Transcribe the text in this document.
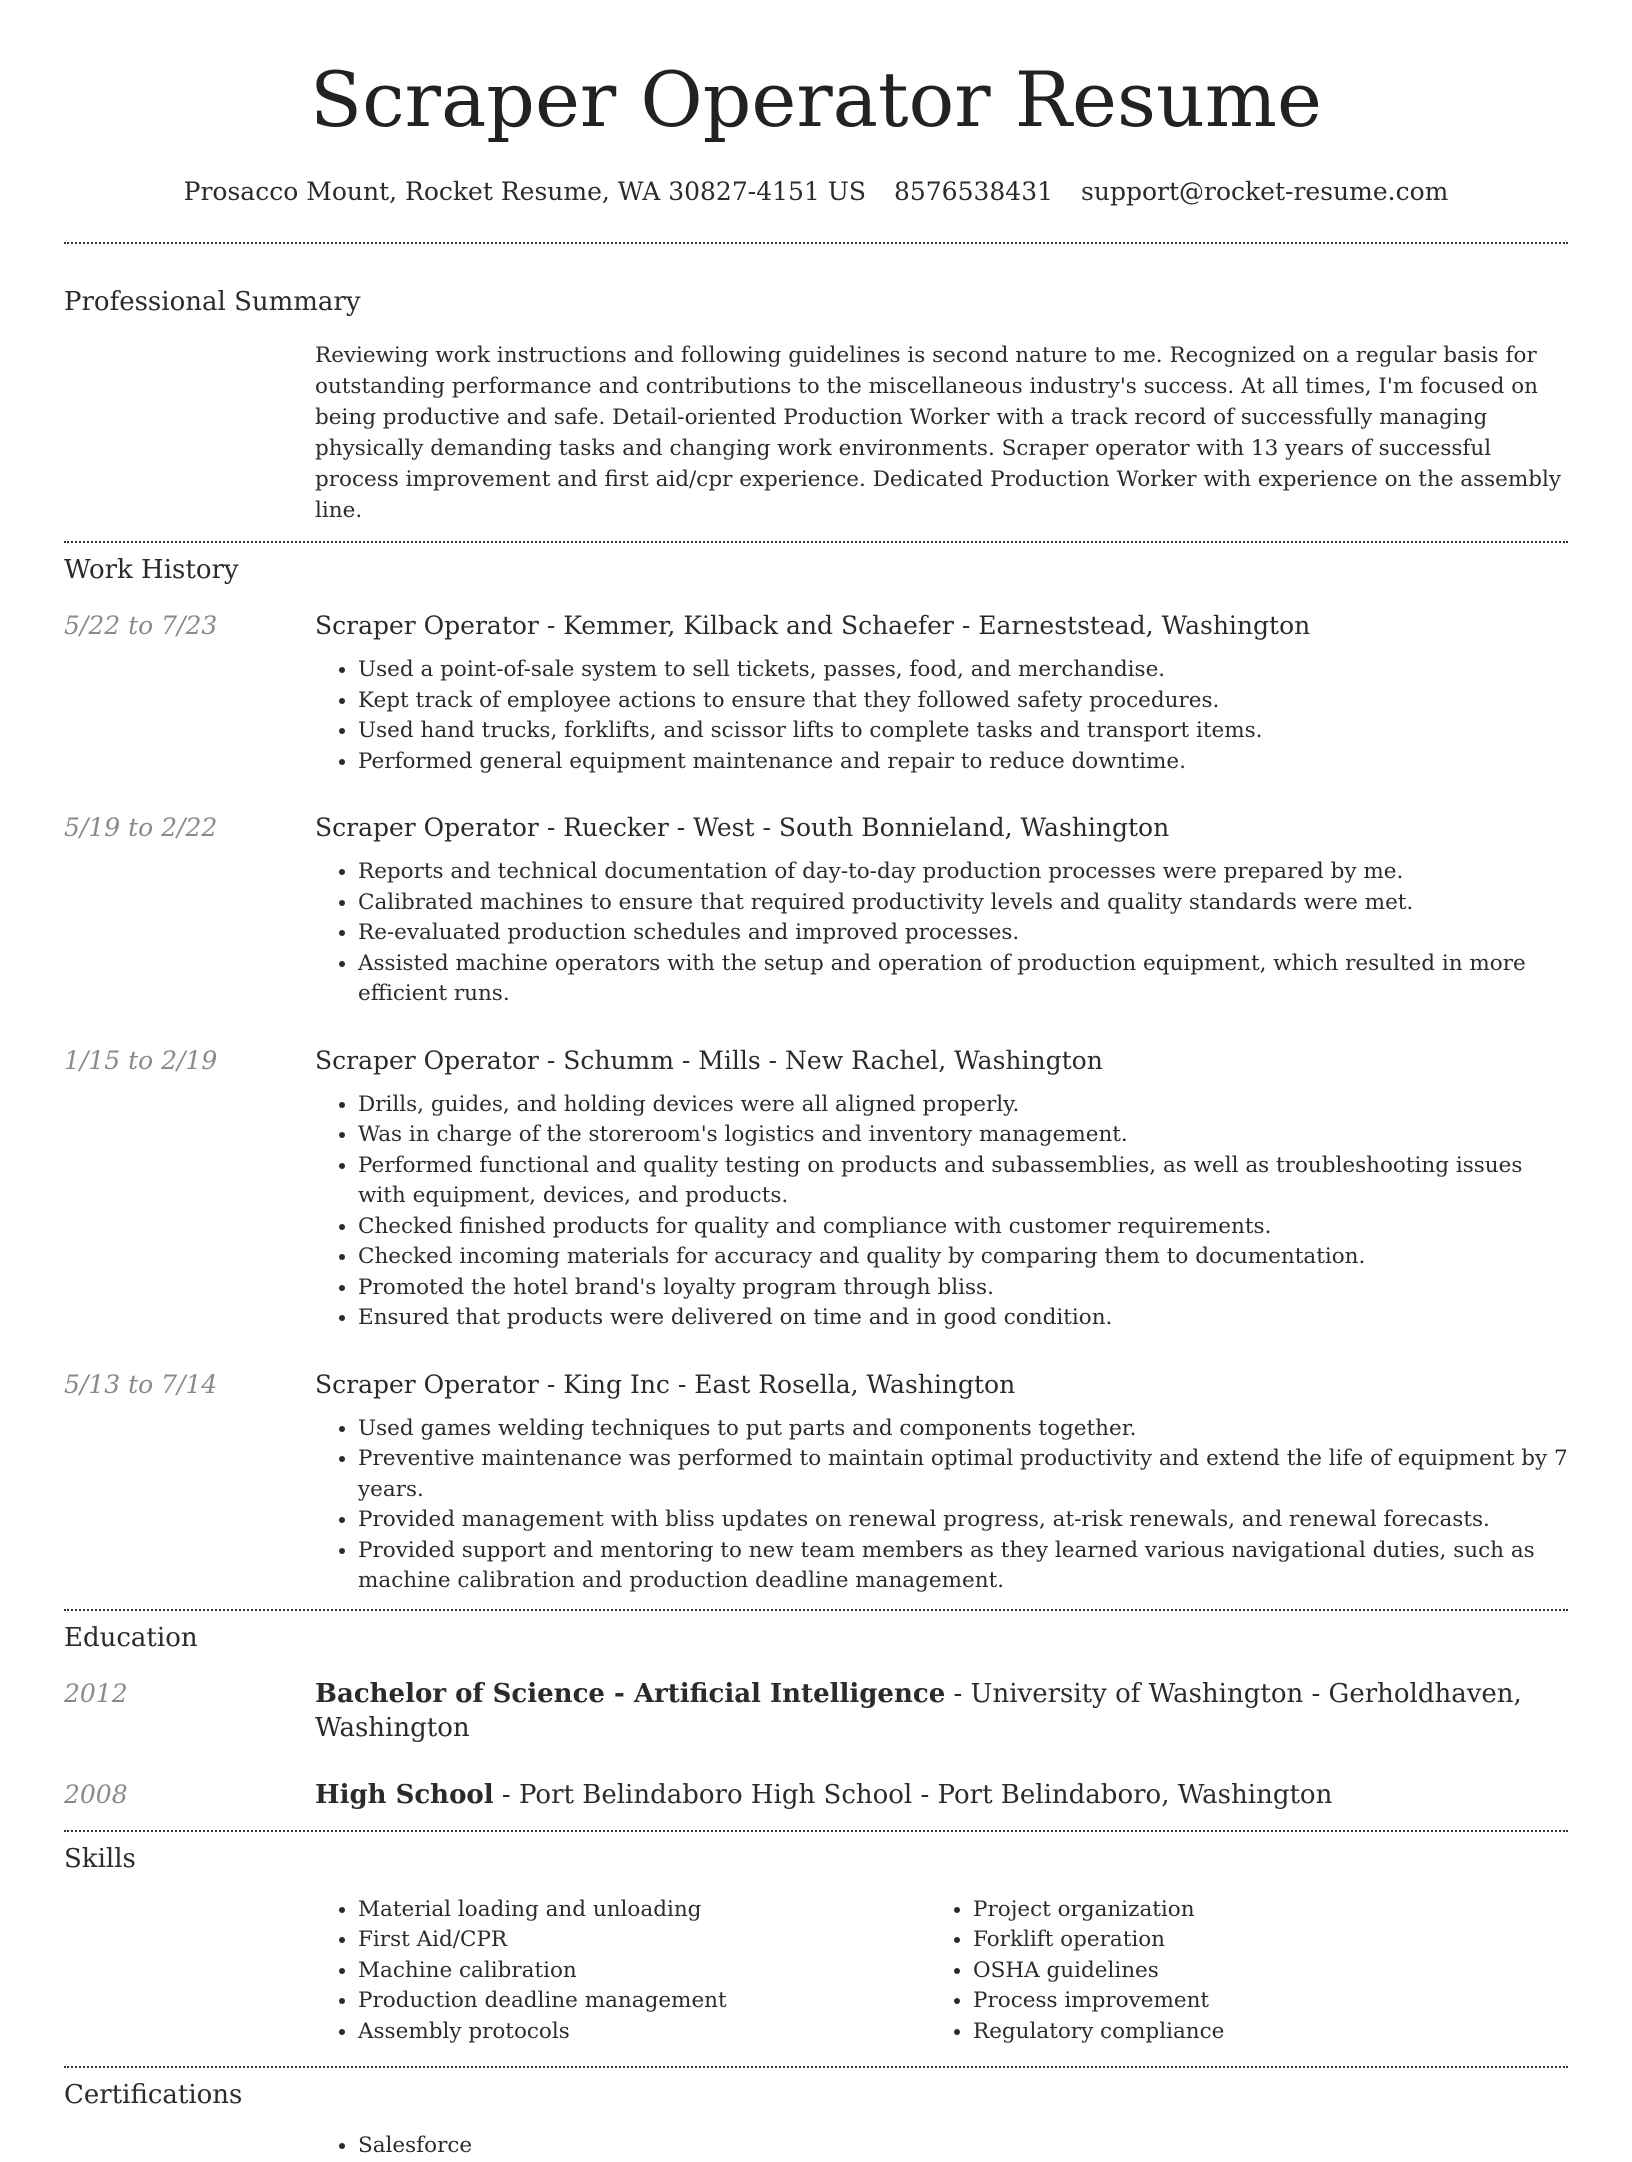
Scraper Operator Resume
Prosacco Mount, Rocket Resume, WA 30827-4151 US 8576538431 support@rocket-resume.com
Professional Summary

Reviewing work instructions and following guidelines is second nature to me. Recognized on a regular basis for outstanding performance and contributions to the miscellaneous industry's success. At all times, I'm focused on being productive and safe. Detail-oriented Production Worker with a track record of successfully managing physically demanding tasks and changing work environments. Scraper operator with 13 years of successful process improvement and first aid/cpr experience. Dedicated Production Worker with experience on the assembly line.

Work History
5/22 to 7/23	Scraper Operator - Kemmer, Kilback and Schaefer - Earneststead, Washington
• Used a point-of-sale system to sell tickets, passes, food, and merchandise.
• Kept track of employee actions to ensure that they followed safety procedures.
• Used hand trucks, forklifts, and scissor lifts to complete tasks and transport items.
• Performed general equipment maintenance and repair to reduce downtime.
5/19 to 2/22	Scraper Operator - Ruecker - West - South Bonnieland, Washington
• Reports and technical documentation of day-to-day production processes were prepared by me.
• Calibrated machines to ensure that required productivity levels and quality standards were met.
• Re-evaluated production schedules and improved processes.
• Assisted machine operators with the setup and operation of production equipment, which resulted in more efficient runs.
1/15 to 2/19	Scraper Operator - Schumm - Mills - New Rachel, Washington
• Drills, guides, and holding devices were all aligned properly.
• Was in charge of the storeroom's logistics and inventory management.
• Performed functional and quality testing on products and subassemblies, as well as troubleshooting issues with equipment, devices, and products.
• Checked finished products for quality and compliance with customer requirements.
• Checked incoming materials for accuracy and quality by comparing them to documentation.
• Promoted the hotel brand's loyalty program through bliss.
• Ensured that products were delivered on time and in good condition.
5/13 to 7/14	Scraper Operator - King Inc - East Rosella, Washington
• Used games welding techniques to put parts and components together.
• Preventive maintenance was performed to maintain optimal productivity and extend the life of equipment by 7 years.
• Provided management with bliss updates on renewal progress, at-risk renewals, and renewal forecasts.
• Provided support and mentoring to new team members as they learned various navigational duties, such as machine calibration and production deadline management.
Education
2012	Bachelor of Science - Artificial Intelligence - University of Washington - Gerholdhaven, Washington
2008	High School - Port Belindaboro High School - Port Belindaboro, Washington
Skills
• Material loading and unloading
• First Aid/CPR
• Machine calibration
• Production deadline management
• Assembly protocols
• Project organization
• Forklift operation
• OSHA guidelines
• Process improvement
• Regulatory compliance
Certifications
• Salesforce
